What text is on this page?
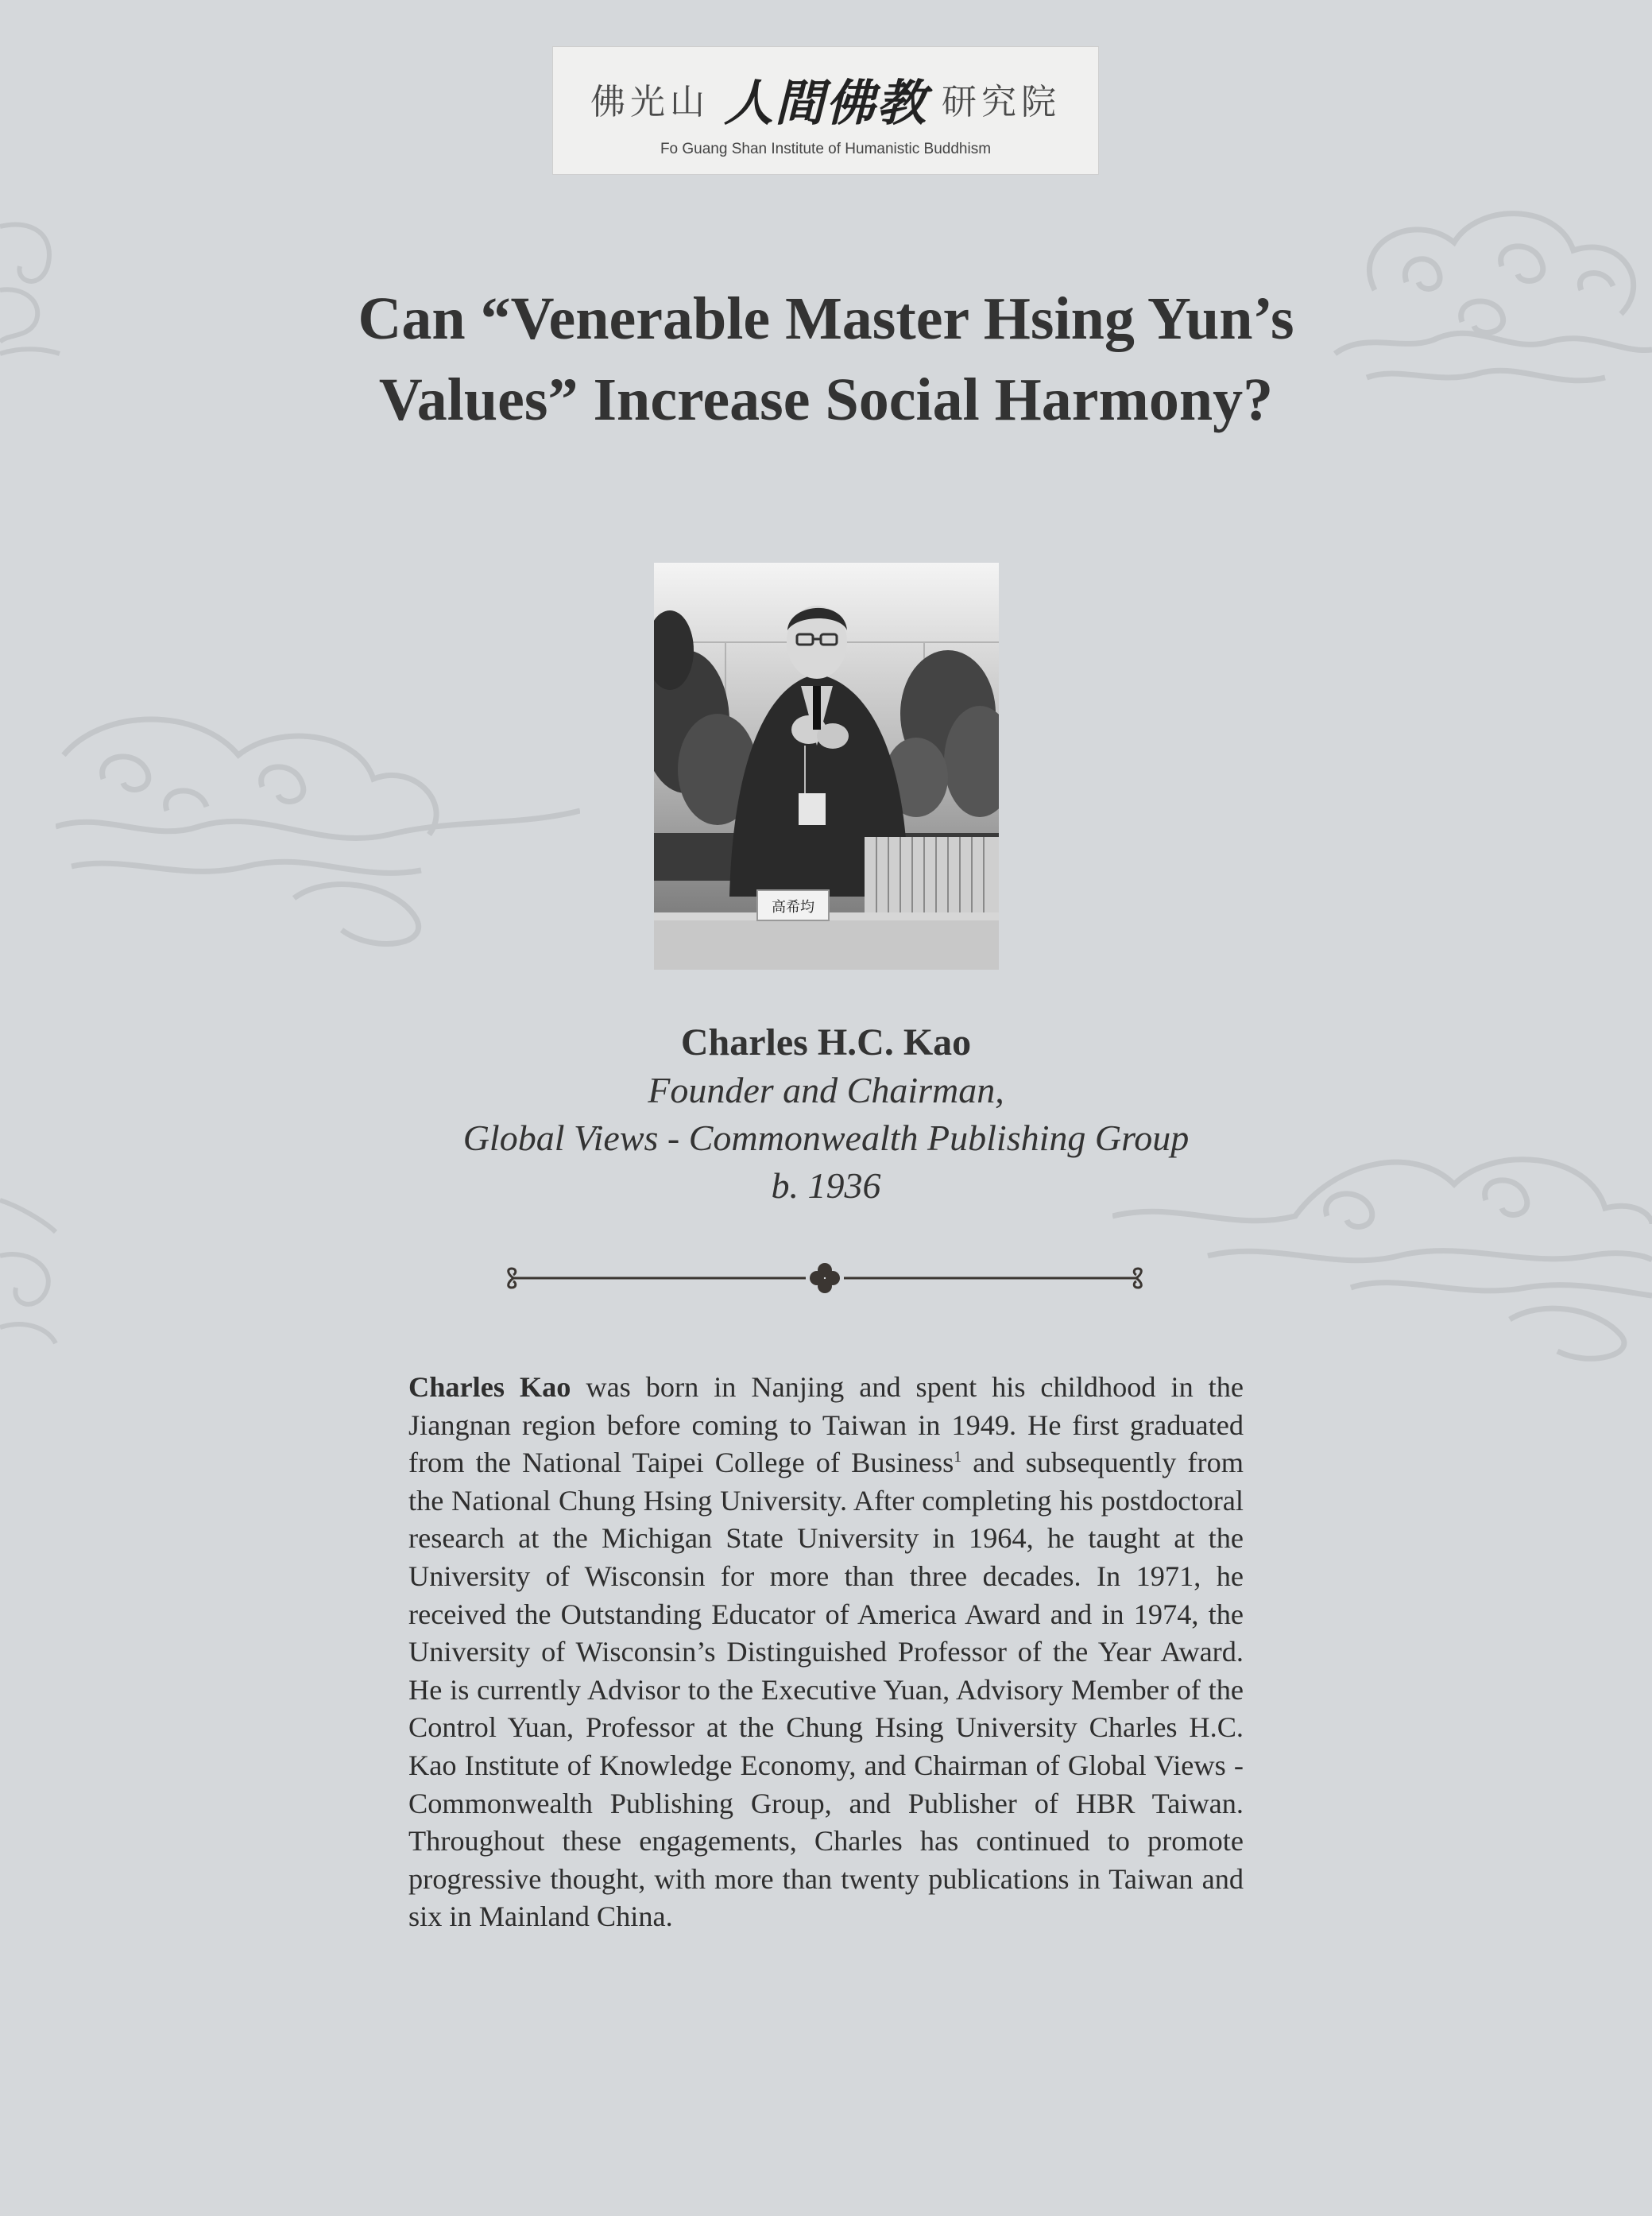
佛光山 人間佛教 研究院
Fo Guang Shan Institute of Humanistic Buddhism
Can “Venerable Master Hsing Yun’s
Values” Increase Social Harmony?
高希均
Charles H.C. Kao
Founder and Chairman,
Global Views - Commonwealth Publishing Group
b. 1936
Charles Kao was born in Nanjing and spent his childhood in the Jiangnan region before coming to Taiwan in 1949. He first graduated from the National Taipei College of Business$^1$ and subsequently from the National Chung Hsing University. After completing his postdoctoral research at the Michigan State University in 1964, he taught at the University of Wisconsin for more than three decades. In 1971, he received the Outstanding Educator of America Award and in 1974, the University of Wisconsin’s Distinguished Professor of the Year Award. He is currently Advisor to the Executive Yuan, Advisory Member of the Control Yuan, Professor at the Chung Hsing University Charles H.C. Kao Institute of Knowledge Economy, and Chairman of Global Views - Commonwealth Publishing Group, and Publisher of HBR Taiwan. Throughout these engagements, Charles has continued to promote progressive thought, with more than twenty publications in Taiwan and six in Mainland China.
